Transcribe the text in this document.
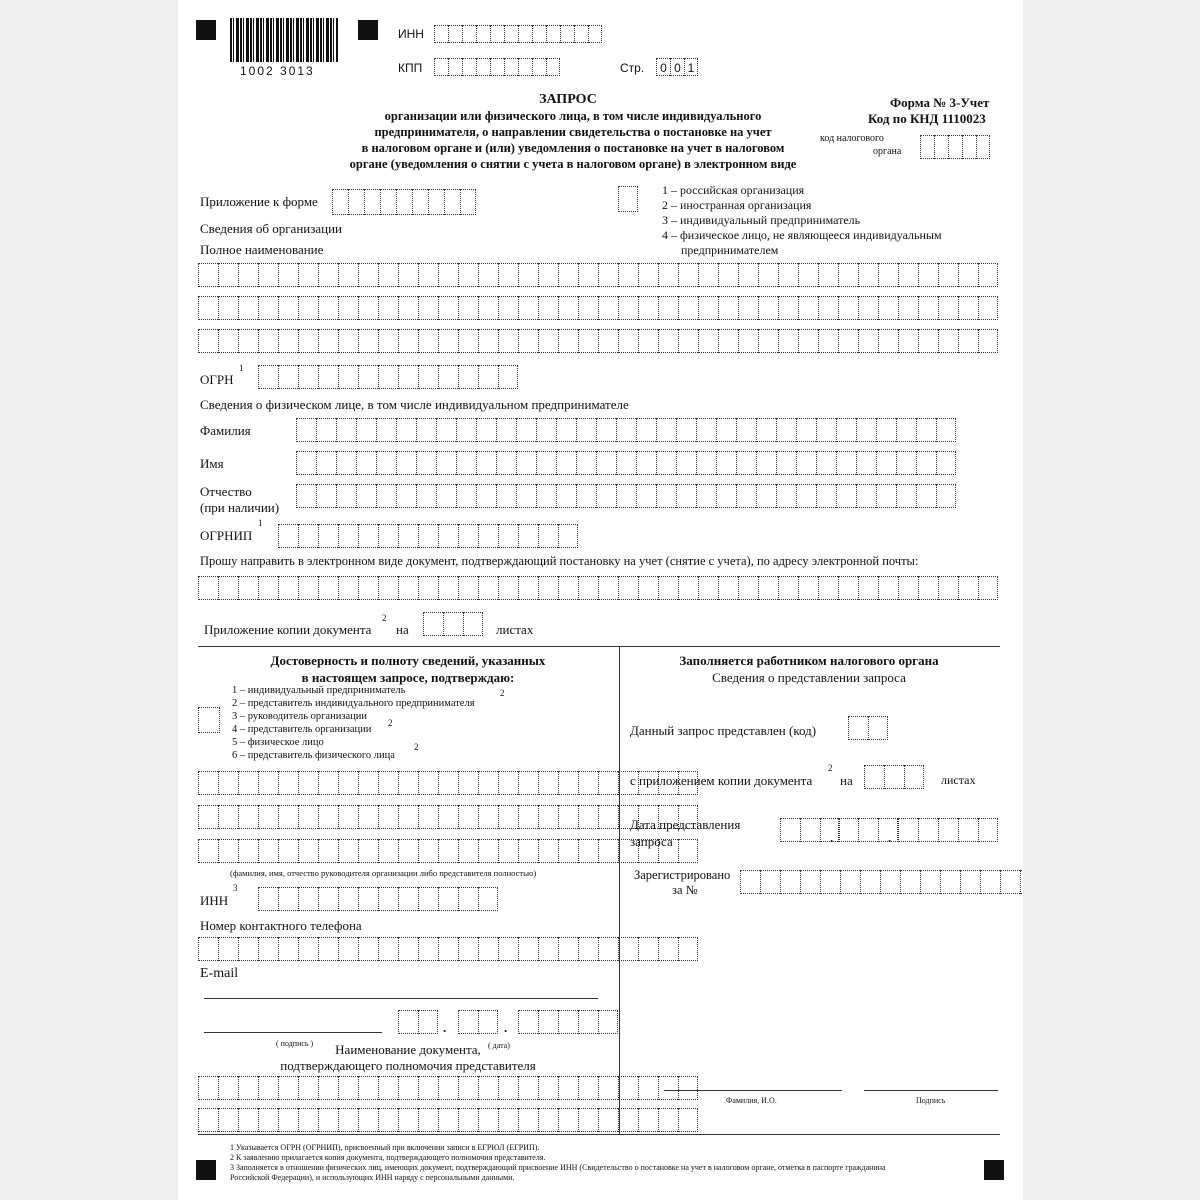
1002 3013
ИНН
КПП	Стр.	0 0 1
ЗАПРОС
организации или физического лица, в том числе индивидуального
предпринимателя, о направлении свидетельства о постановке на учет
в налоговом органе и (или) уведомления о постановке на учет в налоговом
органе (уведомления о снятии с учета в налоговом органе) в электронном виде
Форма № 3-Учет
Код по КНД 1110023
код налогового
органа
Приложение к форме
1 – российская организация
2 – иностранная организация
3 – индивидуальный предприниматель
4 – физическое лицо, не являющееся индивидуальным
предпринимателем
Сведения об организации
Полное наименование
ОГРН
1
Сведения о физическом лице, в том числе индивидуальном предпринимателе
Фамилия
Имя
Отчество
(при наличии)
ОГРНИП
1
Прошу направить в электронном виде документ, подтверждающий постановку на учет (снятие с учета), по адресу электронной почты:
Приложение копии документа
2
на	листах
Достоверность и полноту сведений, указанных
в настоящем запросе, подтверждаю:
1 – индивидуальный предприниматель
2 – представитель индивидуального предпринимателя
3 – руководитель организации
4 – представитель организации
5 – физическое лицо
6 – представитель физического лица
2
2
2
(фамилия, имя, отчество руководителя организации либо представителя полностью)
ИНН
3
Номер контактного телефона
E-mail
( подпись )
.	.
( дата)
Наименование документа,
подтверждающего полномочия представителя
Заполняется работником налогового органа
Сведения о представлении запроса
Данный запрос представлен (код)
с приложением копии документа
2
на	листах
Дата представления
запроса	.	.
Зарегистрировано
за №
Фамилия, И.О.	Подпись
1 Указывается ОГРН (ОГРНИП), присвоенный при включении записи в ЕГРЮЛ (ЕГРИП).
2 К заявлению прилагается копия документа, подтверждающего полномочия представителя.
3 Заполняется в отношении физических лиц, имеющих документ, подтверждающий присвоение ИНН (Свидетельство о постановке на учет в налоговом органе, отметка в паспорте гражданина
Российской Федерации), и использующих ИНН наряду с персональными данными.
